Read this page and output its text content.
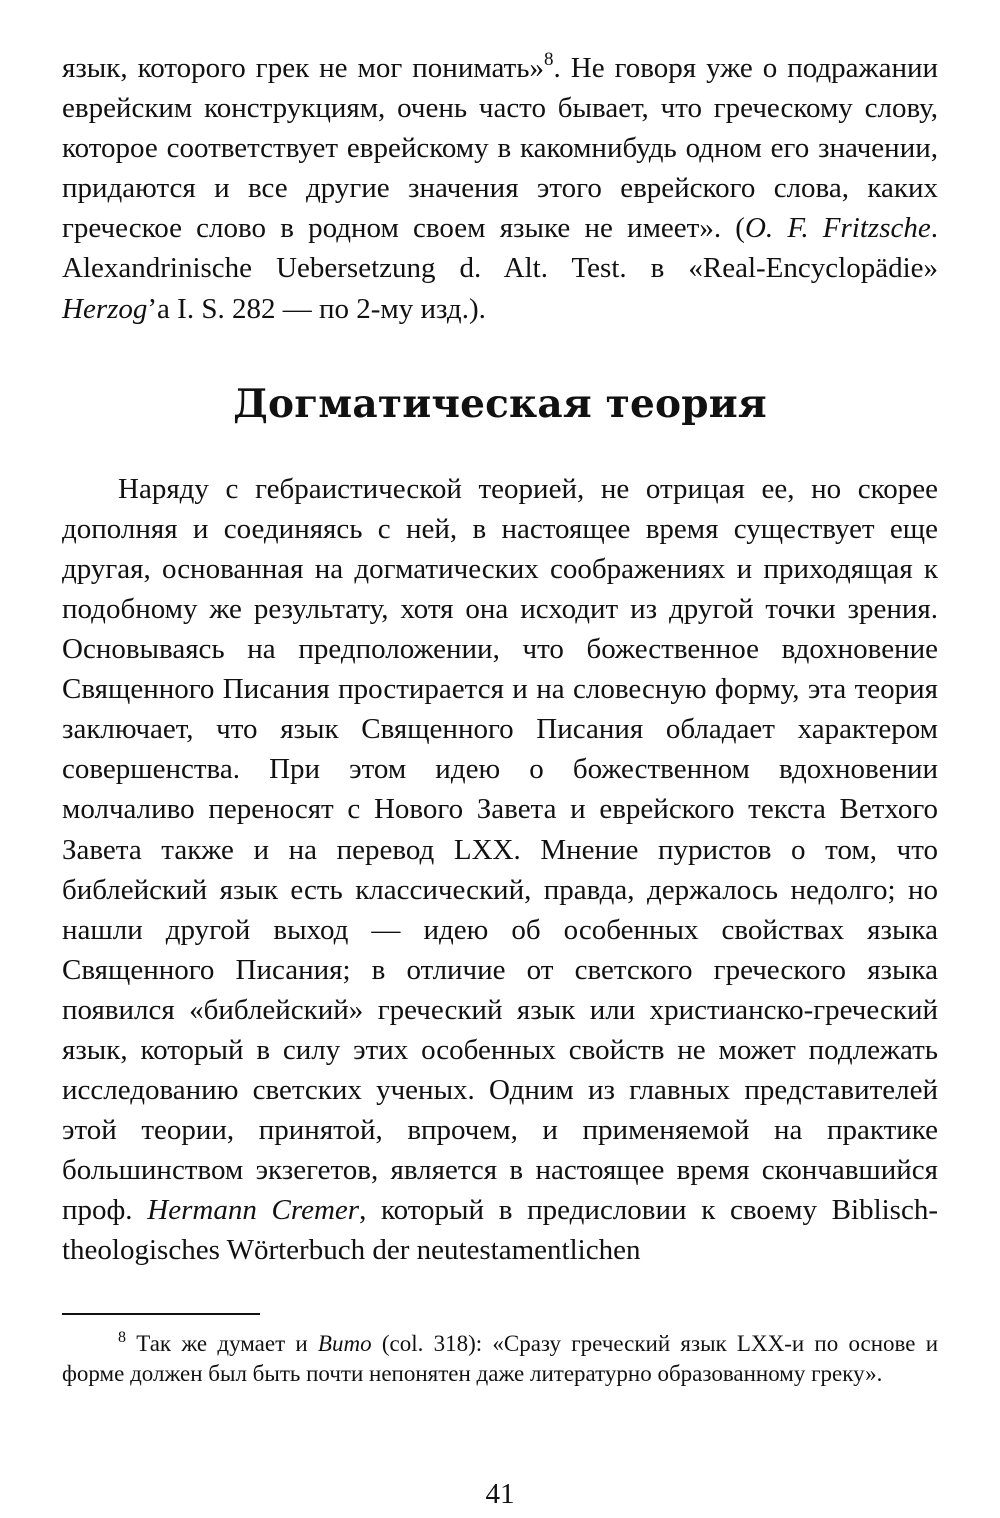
язык, которого грек не мог понимать»$^8$. Не говоря уже о подражании еврейским конструкциям, очень часто бывает, что греческому слову, которое соответствует еврейскому в какомнибудь одном его значении, придаются и все другие значения этого еврейского слова, каких греческое слово в родном своем языке не имеет». (O. F. Fritzsche. Alexandrinische Uebersetzung d. Alt. Test. в «Real-Encyclopädie» Herzog’а I. S. 282 — по 2-му изд.).

Догматическая теория

Наряду с гебраистической теорией, не отрицая ее, но скорее дополняя и соединяясь с ней, в настоящее время существует еще другая, основанная на догматических соображениях и приходящая к подобному же результату, хотя она исходит из другой точки зрения. Основываясь на предположении, что божественное вдохновение Священного Писания простирается и на словесную форму, эта теория заключает, что язык Священного Писания обладает характером совершенства. При этом идею о божественном вдохновении молчаливо переносят с Нового Завета и еврейского текста Ветхого Завета также и на перевод LXX. Мнение пуристов о том, что библейский язык есть классический, правда, держалось недолго; но нашли другой выход — идею об особенных свойствах языка Священного Писания; в отличие от светского греческого языка появился «библейский» греческий язык или христианско-греческий язык, который в силу этих особенных свойств не может подлежать исследованию светских ученых. Одним из главных представителей этой теории, принятой, впрочем, и применяемой на практике большинством экзегетов, является в настоящее время скончавшийся проф. Hermann Cremer, который в предисловии к своему Biblisch-theologisches Wörterbuch der neutestamentlichen

$^8$ Так же думает и Вито (col. 318): «Сразу греческий язык LXX-и по основе и форме должен был быть почти непонятен даже литературно образованному греку».

41
